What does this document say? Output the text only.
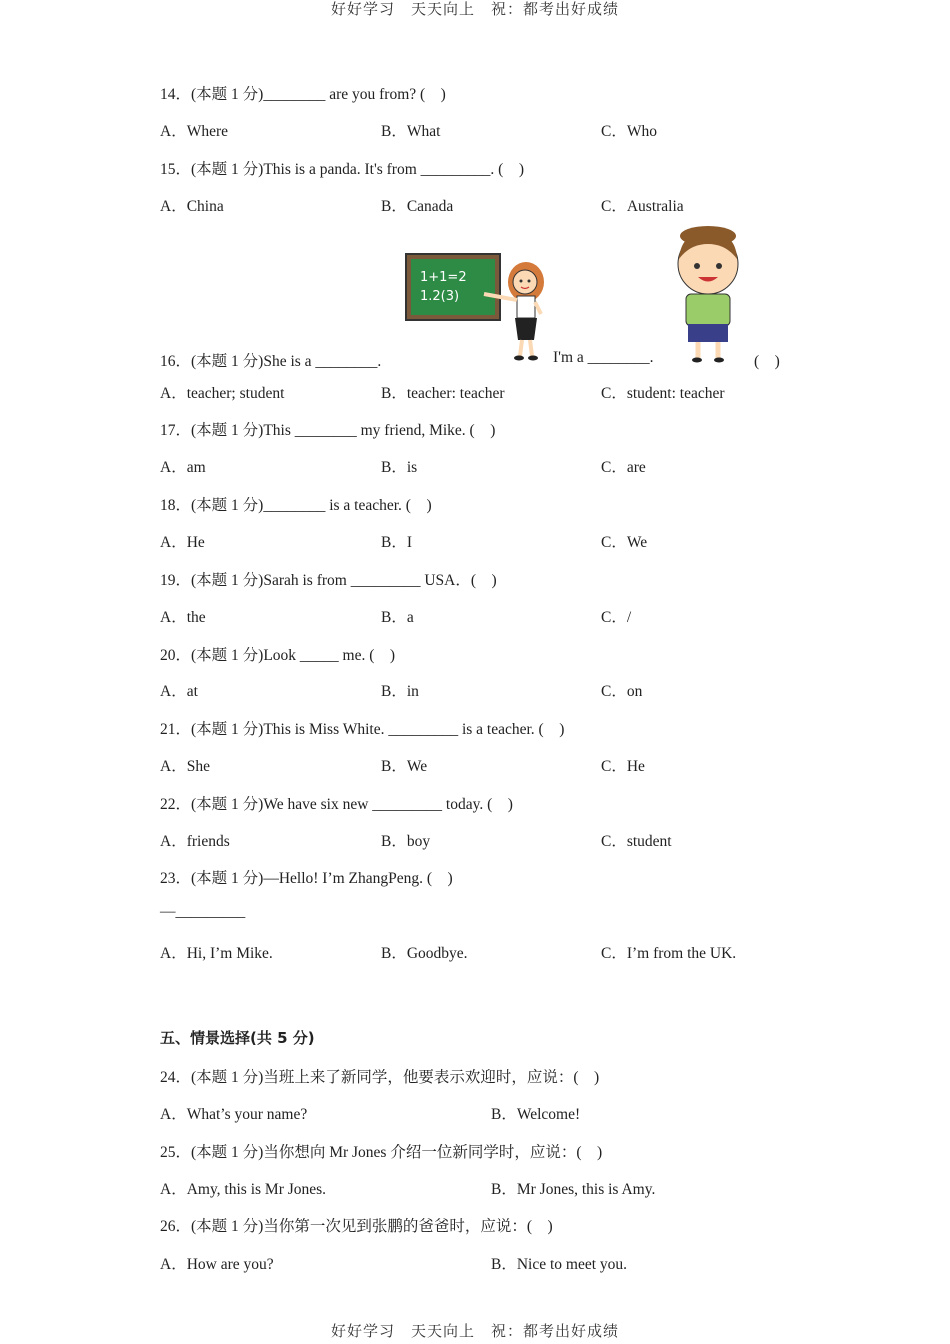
好好学习　天天向上　祝：都考出好成绩
14．(本题 1 分)________ are you from? (　)
A．Where	B．What	C．Who
15．(本题 1 分)This is a panda. It's from _________. (　)
A．China	B．Canada	C．Australia
1+1=2
1.2(3)
16．(本题 1 分)She is a ________.	I'm a ________.	(　)
A．teacher; student	B．teacher: teacher	C．student: teacher
17．(本题 1 分)This ________ my friend, Mike. (　)
A．am	B．is	C．are
18．(本题 1 分)________ is a teacher. (　)
A．He	B．I	C．We
19．(本题 1 分)Sarah is from _________ USA．(　)
A．the	B．a	C．/
20．(本题 1 分)Look _____ me. (　)
A．at	B．in	C．on
21．(本题 1 分)This is Miss White. _________ is a teacher. (　)
A．She	B．We	C．He
22．(本题 1 分)We have six new _________ today. (　)
A．friends	B．boy	C．student
23．(本题 1 分)—Hello! I’m ZhangPeng. (　)
—_________
A．Hi, I’m Mike.	B．Goodbye.	C．I’m from the UK.
五、情景选择(共 5 分)
24．(本题 1 分)当班上来了新同学，他要表示欢迎时，应说：(　)
A．What’s your name?	B．Welcome!
25．(本题 1 分)当你想向 Mr Jones 介绍一位新同学时，应说：(　)
A．Amy, this is Mr Jones.	B．Mr Jones, this is Amy.
26．(本题 1 分)当你第一次见到张鹏的爸爸时，应说：(　)
A．How are you?	B．Nice to meet you.
好好学习　天天向上　祝：都考出好成绩
